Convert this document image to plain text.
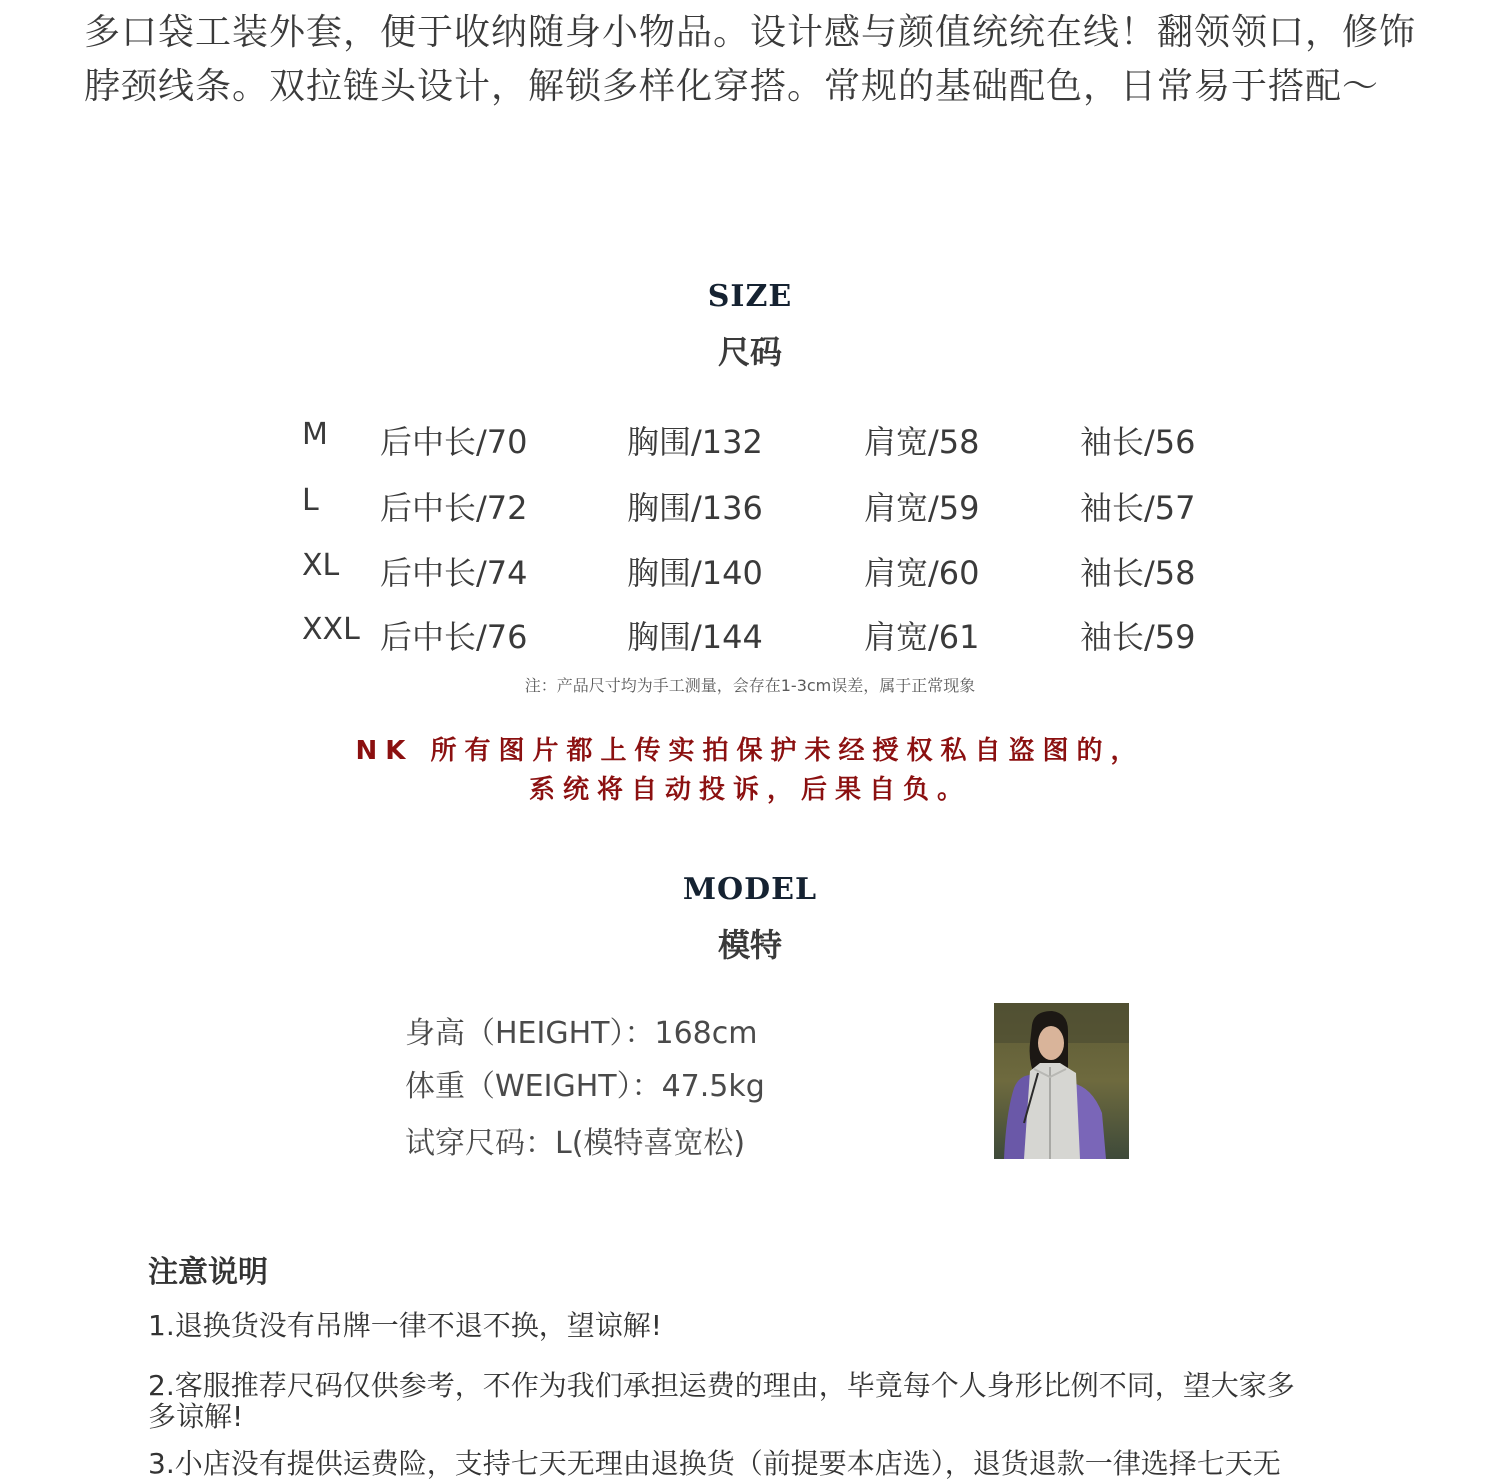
多口袋工装外套，便于收纳随身小物品。设计感与颜值统统在线！翻领领口，修饰
脖颈线条。双拉链头设计，解锁多样化穿搭。常规的基础配色，日常易于搭配～
SIZE
尺码
M 后中长/70	胸围/132	肩宽/58	袖长/56
L 后中长/72	胸围/136	肩宽/59	袖长/57
XL 后中长/74	胸围/140	肩宽/60	袖长/58
XXL 后中长/76	胸围/144	肩宽/61	袖长/59
注：产品尺寸均为手工测量，会存在1-3cm误差，属于正常现象
NK 所有图片都上传实拍保护未经授权私自盗图的，
系统将自动投诉，后果自负。
MODEL
模特
身高（HEIGHT）：168cm
体重（WEIGHT）：47.5kg
试穿尺码：L(模特喜宽松)
注意说明
1.退换货没有吊牌一律不退不换，望谅解!
2.客服推荐尺码仅供参考，不作为我们承担运费的理由，毕竟每个人身形比例不同，望大家多
多谅解!
3.小店没有提供运费险，支持七天无理由退换货（前提要本店选），退货退款一律选择七天无
